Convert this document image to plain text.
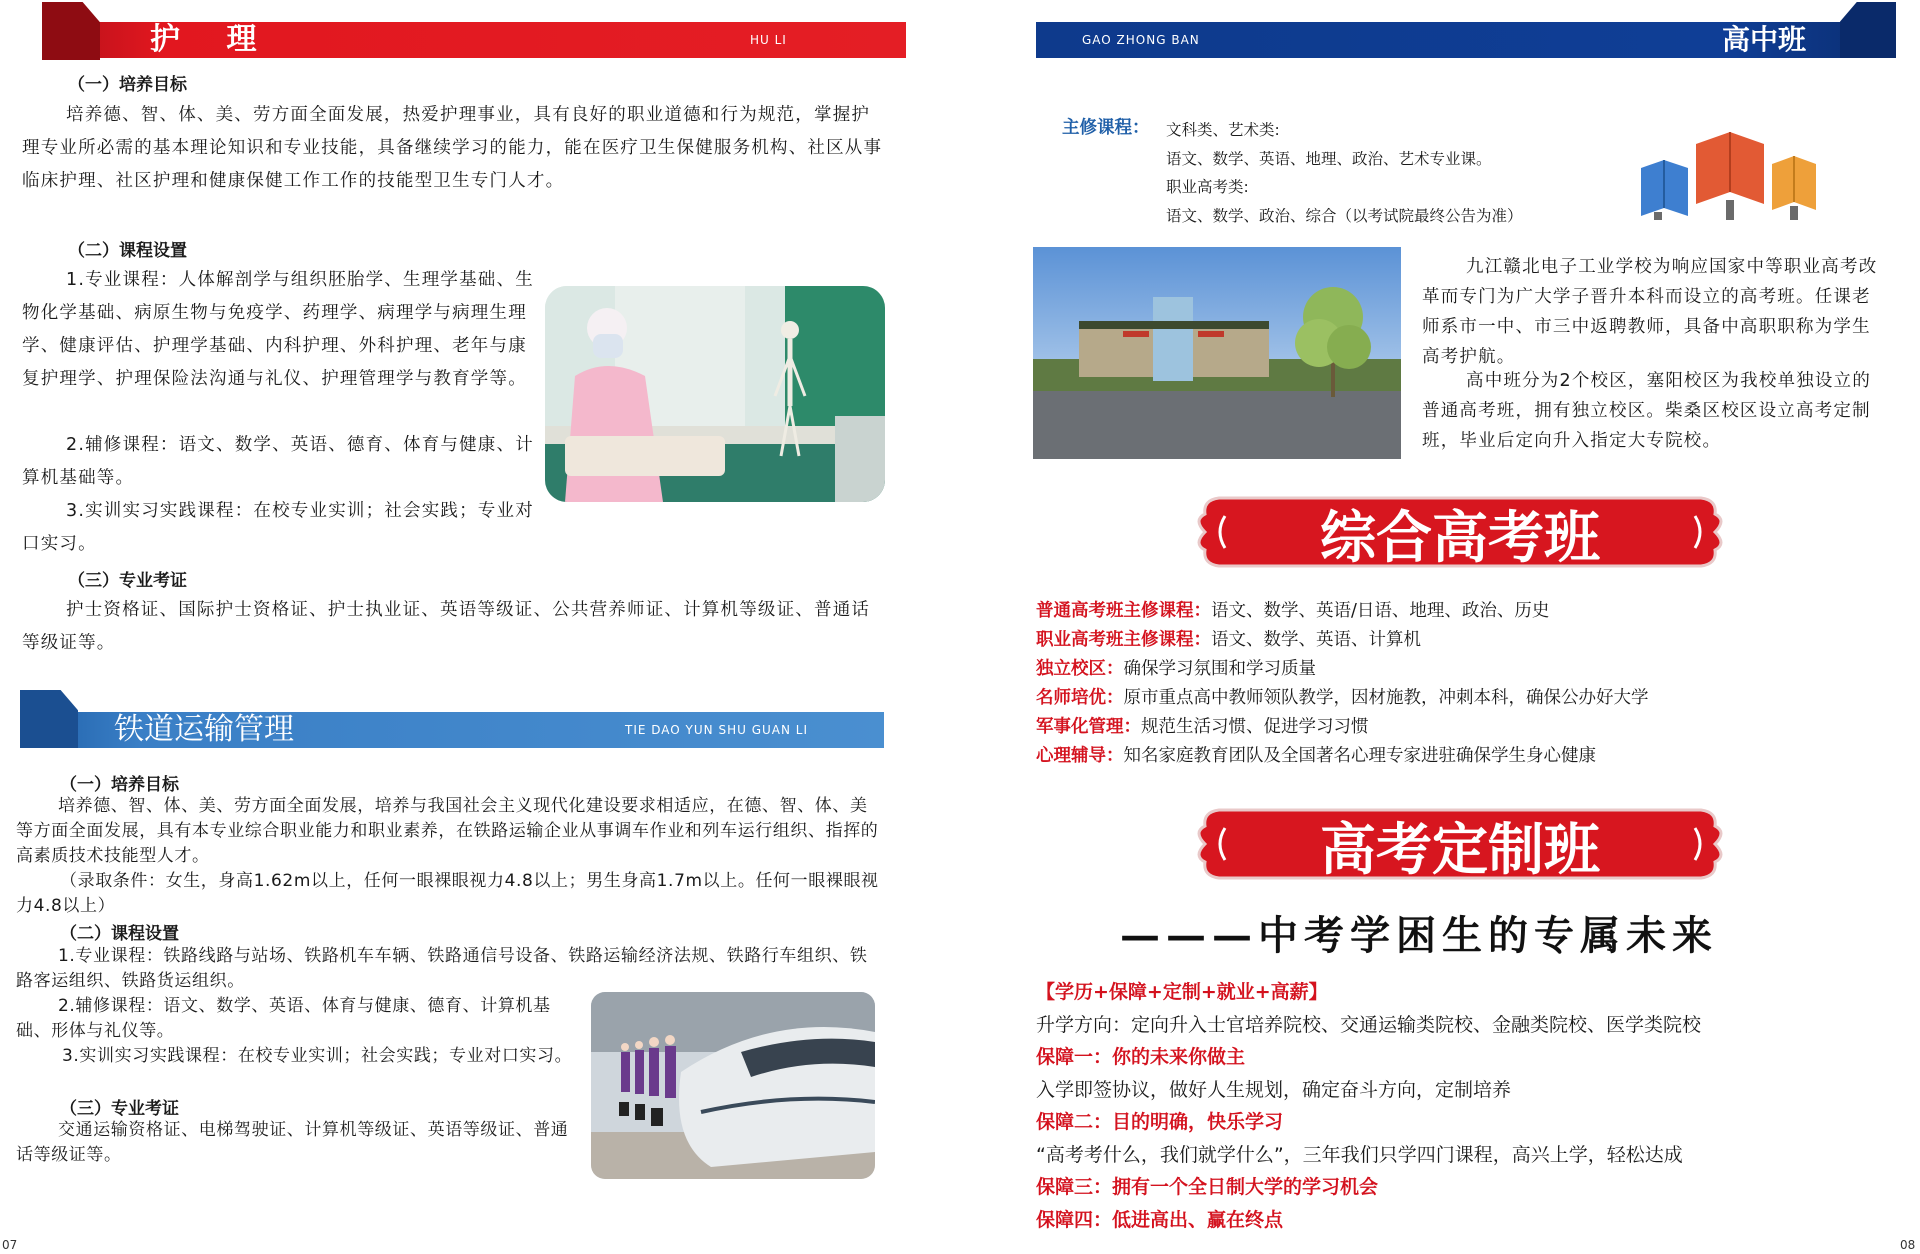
护 理	HU LI
（一）培养目标

培养德、智、体、美、劳方面全面发展，热爱护理事业，具有良好的职业道德和行为规范，掌握护理专业所必需的基本理论知识和专业技能，具备继续学习的能力，能在医疗卫生保健服务机构、社区从事临床护理、社区护理和健康保健工作工作的技能型卫生专门人才。

（二）课程设置

1.专业课程：人体解剖学与组织胚胎学、生理学基础、生物化学基础、病原生物与免疫学、药理学、病理学与病理生理学、健康评估、护理学基础、内科护理、外科护理、老年与康复护理学、护理保险法沟通与礼仪、护理管理学与教育学等。

2.辅修课程：语文、数学、英语、德育、体育与健康、计算机基础等。

3.实训实习实践课程：在校专业实训；社会实践；专业对口实习。

（三）专业考证

护士资格证、国际护士资格证、护士执业证、英语等级证、公共营养师证、计算机等级证、普通话等级证等。

铁道运输管理	TIE DAO YUN SHU GUAN LI
（一）培养目标

培养德、智、体、美、劳方面全面发展，培养与我国社会主义现代化建设要求相适应，在德、智、体、美等方面全面发展，具有本专业综合职业能力和职业素养，在铁路运输企业从事调车作业和列车运行组织、指挥的高素质技术技能型人才。

（录取条件：女生，身高1.62m以上，任何一眼裸眼视力4.8以上；男生身高1.7m以上。任何一眼裸眼视力4.8以上）

（二）课程设置

1.专业课程：铁路线路与站场、铁路机车车辆、铁路通信号设备、铁路运输经济法规、铁路行车组织、铁路客运组织、铁路货运组织。

2.辅修课程：语文、数学、英语、体育与健康、德育、计算机基础、形体与礼仪等。

3.实训实习实践课程：在校专业实训；社会实践；专业对口实习。

（三）专业考证

交通运输资格证、电梯驾驶证、计算机等级证、英语等级证、普通话等级证等。

07
GAO ZHONG BAN	高中班
主修课程： 文科类、艺术类:
语文、数学、英语、地理、政治、艺术专业课。
职业高考类:
语文、数学、政治、综合（以考试院最终公告为准）

九江赣北电子工业学校为响应国家中等职业高考改革而专门为广大学子晋升本科而设立的高考班。任课老师系市一中、市三中返聘教师，具备中高职职称为学生高考护航。

高中班分为2个校区，塞阳校区为我校单独设立的普通高考班，拥有独立校区。柴桑区校区设立高考定制班，毕业后定向升入指定大专院校。

综合高考班
普通高考班主修课程：语文、数学、英语/日语、地理、政治、历史
职业高考班主修课程：语文、数学、英语、计算机
独立校区：确保学习氛围和学习质量
名师培优：原市重点高中教师领队教学，因材施教，冲刺本科，确保公办好大学
军事化管理：规范生活习惯、促进学习习惯
心理辅导：知名家庭教育团队及全国著名心理专家进驻确保学生身心健康
高考定制班
———中考学困生的专属未来
【学历+保障+定制+就业+高薪】
升学方向：定向升入士官培养院校、交通运输类院校、金融类院校、医学类院校
保障一：你的未来你做主
入学即签协议，做好人生规划，确定奋斗方向，定制培养
保障二：目的明确，快乐学习
“高考考什么，我们就学什么”，三年我们只学四门课程，高兴上学，轻松达成
保障三：拥有一个全日制大学的学习机会
保障四：低进高出、赢在终点
08
